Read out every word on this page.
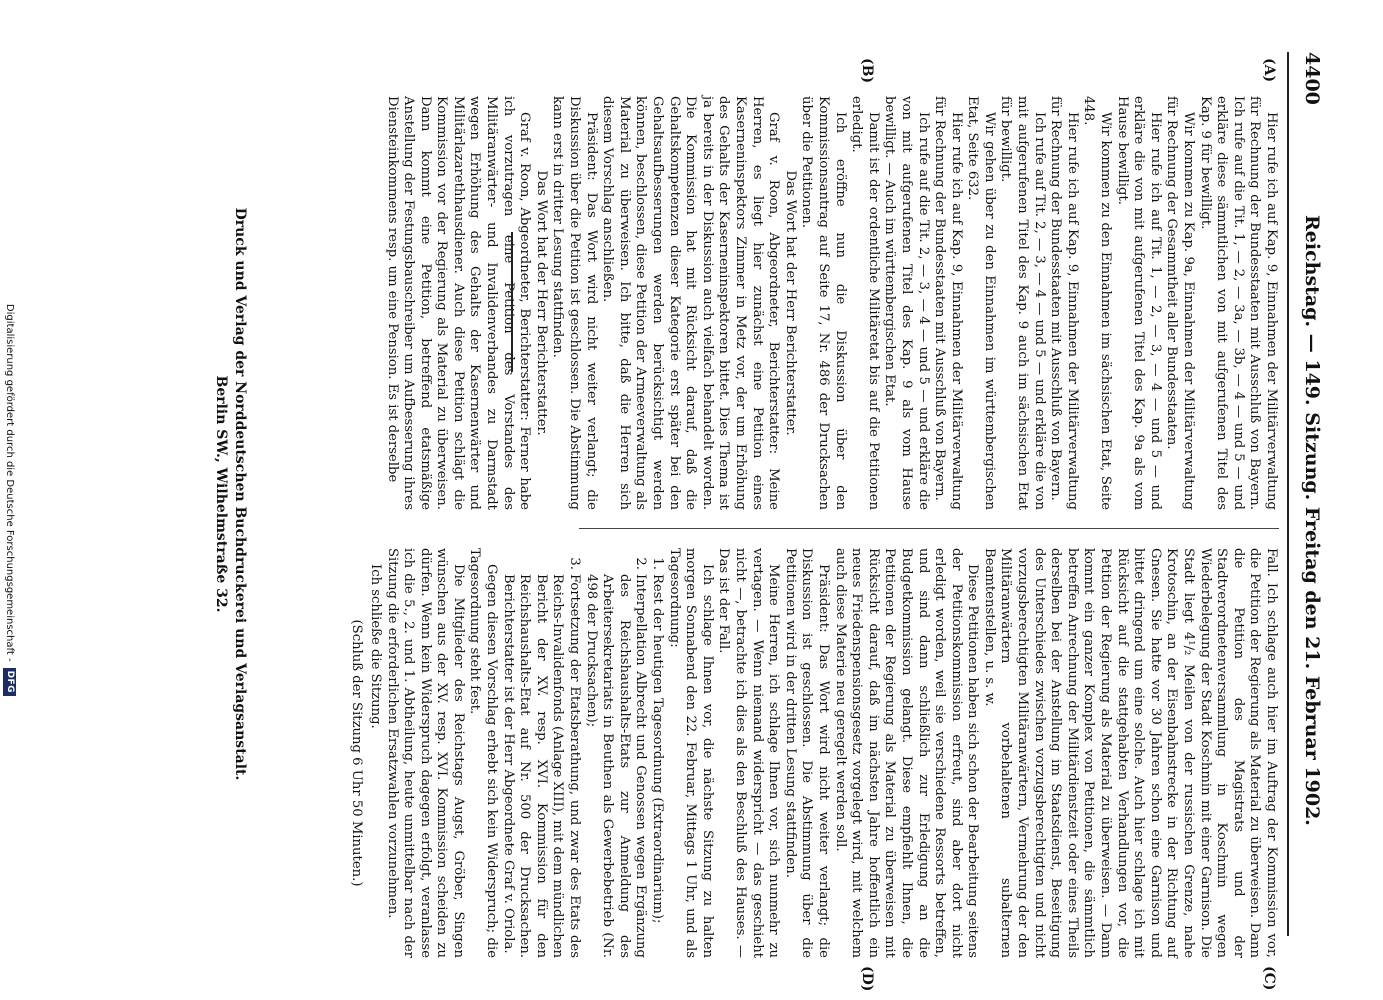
4400
Reichstag. — 149. Sitzung. Freitag den 21. Februar 1902.
(A)
(B)
(C)
(D)

Hier rufe ich auf Kap. 9, Einnahmen der Militärverwaltung für Rechnung der Bundesstaaten mit Ausschluß von Bayern. Ich rufe auf die Tit. 1, — 2, — 3a, — 3b, — 4 — und 5 — und erkläre diese sämmtlichen von mit aufgerufenen Titel des Kap. 9 für bewilligt.

Wir kommen zu Kap. 9a, Einnahmen der Militärverwaltung für Rechnung der Gesammtheit aller Bundesstaaten.

Hier rufe ich auf Tit. 1, — 2, — 3, — 4 — und 5 — und erkläre die von mit aufgerufenen Titel des Kap. 9a als vom Hause bewilligt.

Wir kommen zu den Einnahmen im sächsischen Etat, Seite 448.

Hier rufe ich auf Kap. 9, Einnahmen der Militärverwaltung für Rechnung der Bundesstaaten mit Ausschluß von Bayern.

Ich rufe auf Tit. 2, — 3, — 4 — und 5 — und erkläre die von mit aufgerufenen Titel des Kap. 9 auch im sächsischen Etat für bewilligt.

Wir gehen über zu den Einnahmen im württembergischen Etat, Seite 632.

Hier rufe ich auf Kap. 9, Einnahmen der Militärverwaltung für Rechnung der Bundesstaaten mit Ausschluß von Bayern.

Ich rufe auf die Tit. 2, — 3, — 4 — und 5 — und erkläre die von mit aufgerufenen Titel des Kap. 9 als vom Hause bewilligt. — Auch im württembergischen Etat.

Damit ist der ordentliche Militäretat bis auf die Petitionen erledigt.

Ich eröffne nun die Diskussion über den Kommissionsantrag auf Seite 17, Nr. 486 der Drucksachen über die Petitionen.

Das Wort hat der Herr Berichterstatter.

Graf v. Roon, Abgeordneter, Berichterstatter: Meine Herren, es liegt hier zunächst eine Petition eines Kaserneninspektors Zimmer in Metz vor, der um Erhöhung des Gehalts der Kaserneninspektoren bittet. Dies Thema ist ja bereits in der Diskussion auch vielfach behandelt worden. Die Kommission hat mit Rücksicht darauf, daß die Gehaltskompetenzen dieser Kategorie erst später bei den Gehaltsaufbesserungen werden berücksichtigt werden können, beschlossen, diese Petition der Armeeverwaltung als Material zu überweisen. Ich bitte, daß die Herren sich diesem Vorschlag anschließen.

Präsident: Das Wort wird nicht weiter verlangt; die Diskussion über die Petition ist geschlossen. Die Abstimmung kann erst in dritter Lesung stattfinden.

Das Wort hat der Herr Berichterstatter.

Graf v. Roon, Abgeordneter, Berichterstatter: Ferner habe ich vorzutragen eine Petition des Vorstandes des Militäranwärter- und Invalidenverbandes zu Darmstadt wegen Erhöhung des Gehalts der Kasernenwärter und Militärlazarethhausdiener. Auch diese Petition schlägt die Kommission vor der Regierung als Material zu überweisen. Dann kommt eine Petition, betreffend etatsmäßige Anstellung der Festungsbauschreiber um Aufbesserung ihres Diensteinkommens resp. um eine Pension. Es ist derselbe

Fall. Ich schlage auch hier im Auftrag der Kommission vor, die Petition der Regierung als Material zu überweisen. Dann die Petition des Magistrats und der Stadtverordnetenversammlung in Koschmin wegen Wiederbelegung der Stadt Koschmin mit einer Garnison. Die Stadt liegt 4¹/₂ Meilen von der russischen Grenze, nahe Krotoschin, an der Eisenbahnstrecke in der Richtung auf Gnesen. Sie hatte vor 30 Jahren schon eine Garnison und bittet dringend um eine solche. Auch hier schlage ich mit Rücksicht auf die stattgehabten Verhandlungen vor, die Petition der Regierung als Material zu überweisen. — Dann kommt ein ganzer Komplex von Petitionen, die sämmtlich betreffen Anrechnung der Militärdienstzeit oder eines Theils derselben bei der Anstellung im Staatsdienst, Beseitigung des Unterschiedes zwischen vorzugsberechtigten und nicht vorzugsberechtigten Militäranwärtern, Vermehrung der den Militäranwärtern vorbehaltenen subalternen Beamtenstellen, u. s. w.

Diese Petitionen haben sich schon der Bearbeitung seitens der Petitionskommission erfreut, sind aber dort nicht erledigt worden, weil sie verschiedene Ressorts betreffen, und sind dann schließlich zur Erledigung an die Budgetkommission gelangt. Diese empfiehlt Ihnen, die Petitionen der Regierung als Material zu überweisen mit Rücksicht darauf, daß im nächsten Jahre hoffentlich ein neues Friedenspensionsgesetz vorgelegt wird, mit welchem auch diese Materie neu geregelt werden soll.

Präsident: Das Wort wird nicht weiter verlangt; die Diskussion ist geschlossen. Die Abstimmung über die Petitionen wird in der dritten Lesung stattfinden.

Meine Herren, ich schlage Ihnen vor, sich nunmehr zu vertagen. — Wenn niemand widerspricht — das geschieht nicht —, betrachte ich dies als den Beschluß des Hauses. — Das ist der Fall.

Ich schlage Ihnen vor, die nächste Sitzung zu halten morgen Sonnabend den 22. Februar, Mittags 1 Uhr, und als Tagesordnung:

1.Rest der heutigen Tagesordnung (Extraordinarium);

2.Interpellation Albrecht und Genossen wegen Ergänzung des Reichshaushalts-Etats zur Anmeldung des Arbeitersekretariats in Beuthen als Gewerbebetrieb (Nr. 498 der Drucksachen);

3.Fortsetzung der Etatsberathung, und zwar des Etats des Reichs-Invalidenfonds (Anlage XIII), mit dem mündlichen Bericht der XV. resp. XVI. Kommission für den Reichshaushalts-Etat auf Nr. 500 der Drucksachen. Berichterstatter ist der Herr Abgeordnete Graf v. Oriola.

Gegen diesen Vorschlag erhebt sich kein Widerspruch; die Tagesordnung steht fest.

Die Mitglieder des Reichstags Augst, Gröber, Singen wünschen aus der XV. resp. XVI. Kommission scheiden zu dürfen. Wenn kein Widerspruch dagegen erfolgt, veranlasse ich die 5., 2. und 1. Abtheilung, heute unmittelbar nach der Sitzung die erforderlichen Ersatzwahlen vorzunehmen.

Ich schließe die Sitzung.

(Schluß der Sitzung 6 Uhr 50 Minuten.)

Druck und Verlag der Norddeutschen Buchdruckerei und Verlagsanstalt.
Berlin SW., Wilhelmstraße 32.
Digitalisierung gefördert durch die Deutsche Forschungsgemeinschaft -
DFG
